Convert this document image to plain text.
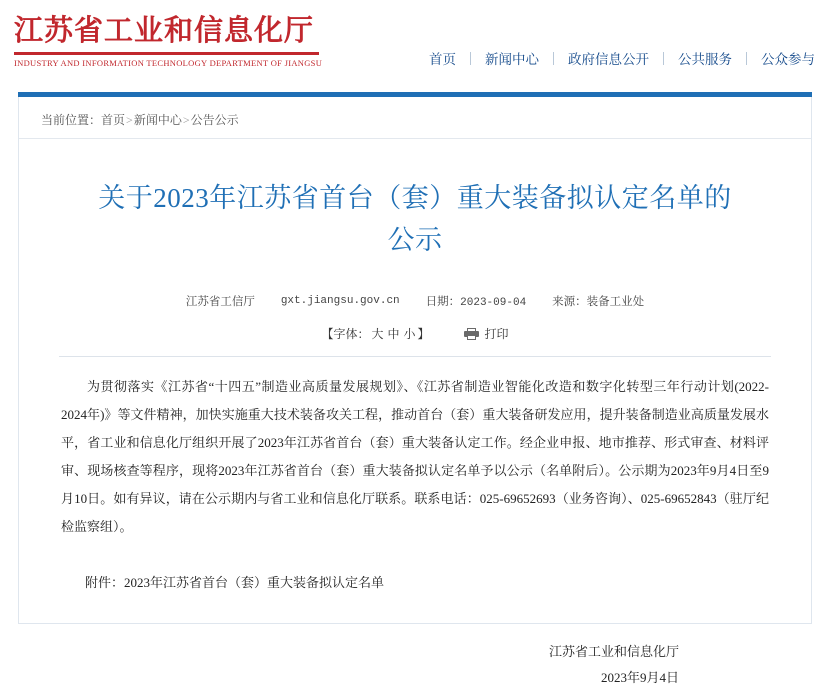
江苏省工业和信息化厅
INDUSTRY AND INFORMATION TECHNOLOGY DEPARTMENT OF JIANGSU	首页	新闻中心	政府信息公开	公共服务	公众参与
当前位置：首页>新闻中心>公告公示
关于2023年江苏省首台（套）重大装备拟认定名单的公示
江苏省工信厅 gxt.jiangsu.gov.cn 日期：2023-09-04 来源：装备工业处
【字体： 大 中 小 】	打印

为贯彻落实《江苏省“十四五”制造业高质量发展规划》、《江苏省制造业智能化改造和数字化转型三年行动计划(2022-2024年)》等文件精神，加快实施重大技术装备攻关工程，推动首台（套）重大装备研发应用，提升装备制造业高质量发展水平，省工业和信息化厅组织开展了2023年江苏省首台（套）重大装备认定工作。经企业申报、地市推荐、形式审查、材料评审、现场核查等程序，现将2023年江苏省首台（套）重大装备拟认定名单予以公示（名单附后）。公示期为2023年9月4日至9月10日。如有异议，请在公示期内与省工业和信息化厅联系。联系电话：025-69652693（业务咨询）、025-69652843（驻厅纪检监察组）。

附件：2023年江苏省首台（套）重大装备拟认定名单
江苏省工业和信息化厅
2023年9月4日
